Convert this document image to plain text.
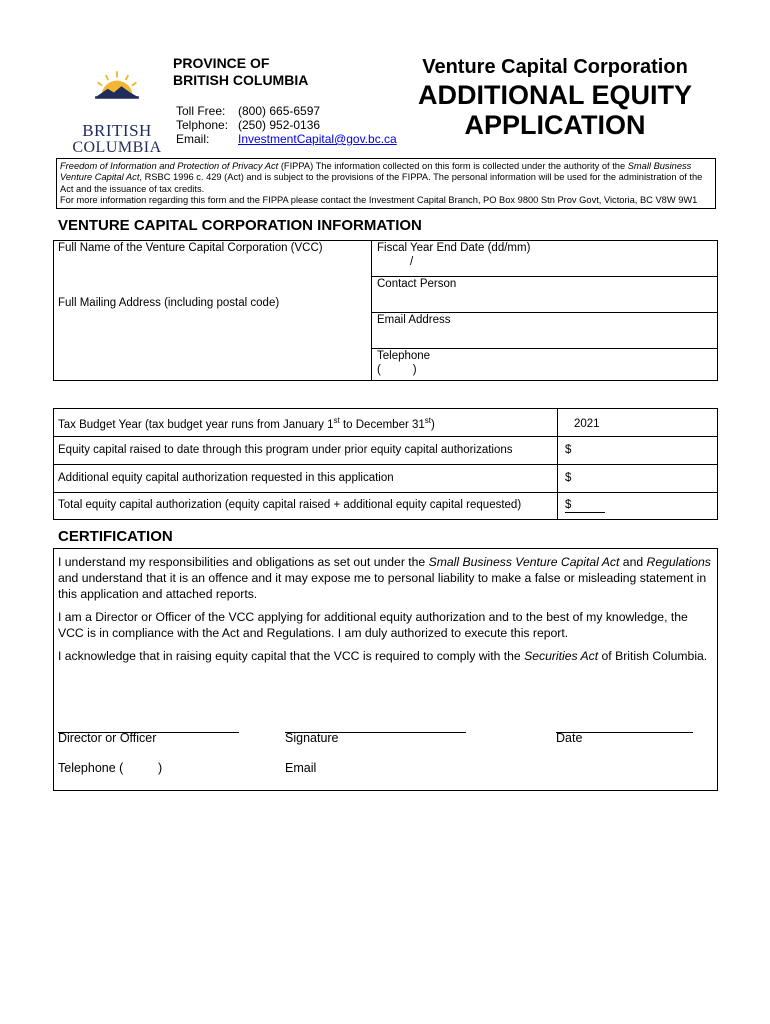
BRITISH
COLUMBIA
PROVINCE OF
BRITISH COLUMBIA
Toll Free: (800) 665-6597
Telphone: (250) 952-0136
Email: InvestmentCapital@gov.bc.ca
Venture Capital Corporation
ADDITIONAL EQUITY
APPLICATION
Freedom of Information and Protection of Privacy Act (FIPPA) The information collected on this form is collected under the authority of the Small Business Venture Capital Act, RSBC 1996 c. 429 (Act) and is subject to the provisions of the FIPPA. The personal information will be used for the administration of the Act and the issuance of tax credits.
For more information regarding this form and the FIPPA please contact the Investment Capital Branch, PO Box 9800 Stn Prov Govt, Victoria, BC V8W 9W1
VENTURE CAPITAL CORPORATION INFORMATION
Full Name of the Venture Capital Corporation (VCC)
Full Mailing Address (including postal code)
Fiscal Year End Date (dd/mm)
/
Contact Person
Email Address
Telephone
(          )
Tax Budget Year (tax budget year runs from January 1st to December 31st)	2021
Equity capital raised to date through this program under prior equity capital authorizations	$
Additional equity capital authorization requested in this application	$
Total equity capital authorization (equity capital raised + additional equity capital requested)	$
CERTIFICATION

I understand my responsibilities and obligations as set out under the Small Business Venture Capital Act and Regulations and understand that it is an offence and it may expose me to personal liability to make a false or misleading statement in this application and attached reports.

I am a Director or Officer of the VCC applying for additional equity authorization and to the best of my knowledge, the VCC is in compliance with the Act and Regulations. I am duly authorized to execute this report.

I acknowledge that in raising equity capital that the VCC is required to comply with the Securities Act of British Columbia.

Director or Officer	Signature	Date
Telephone (          )	Email
